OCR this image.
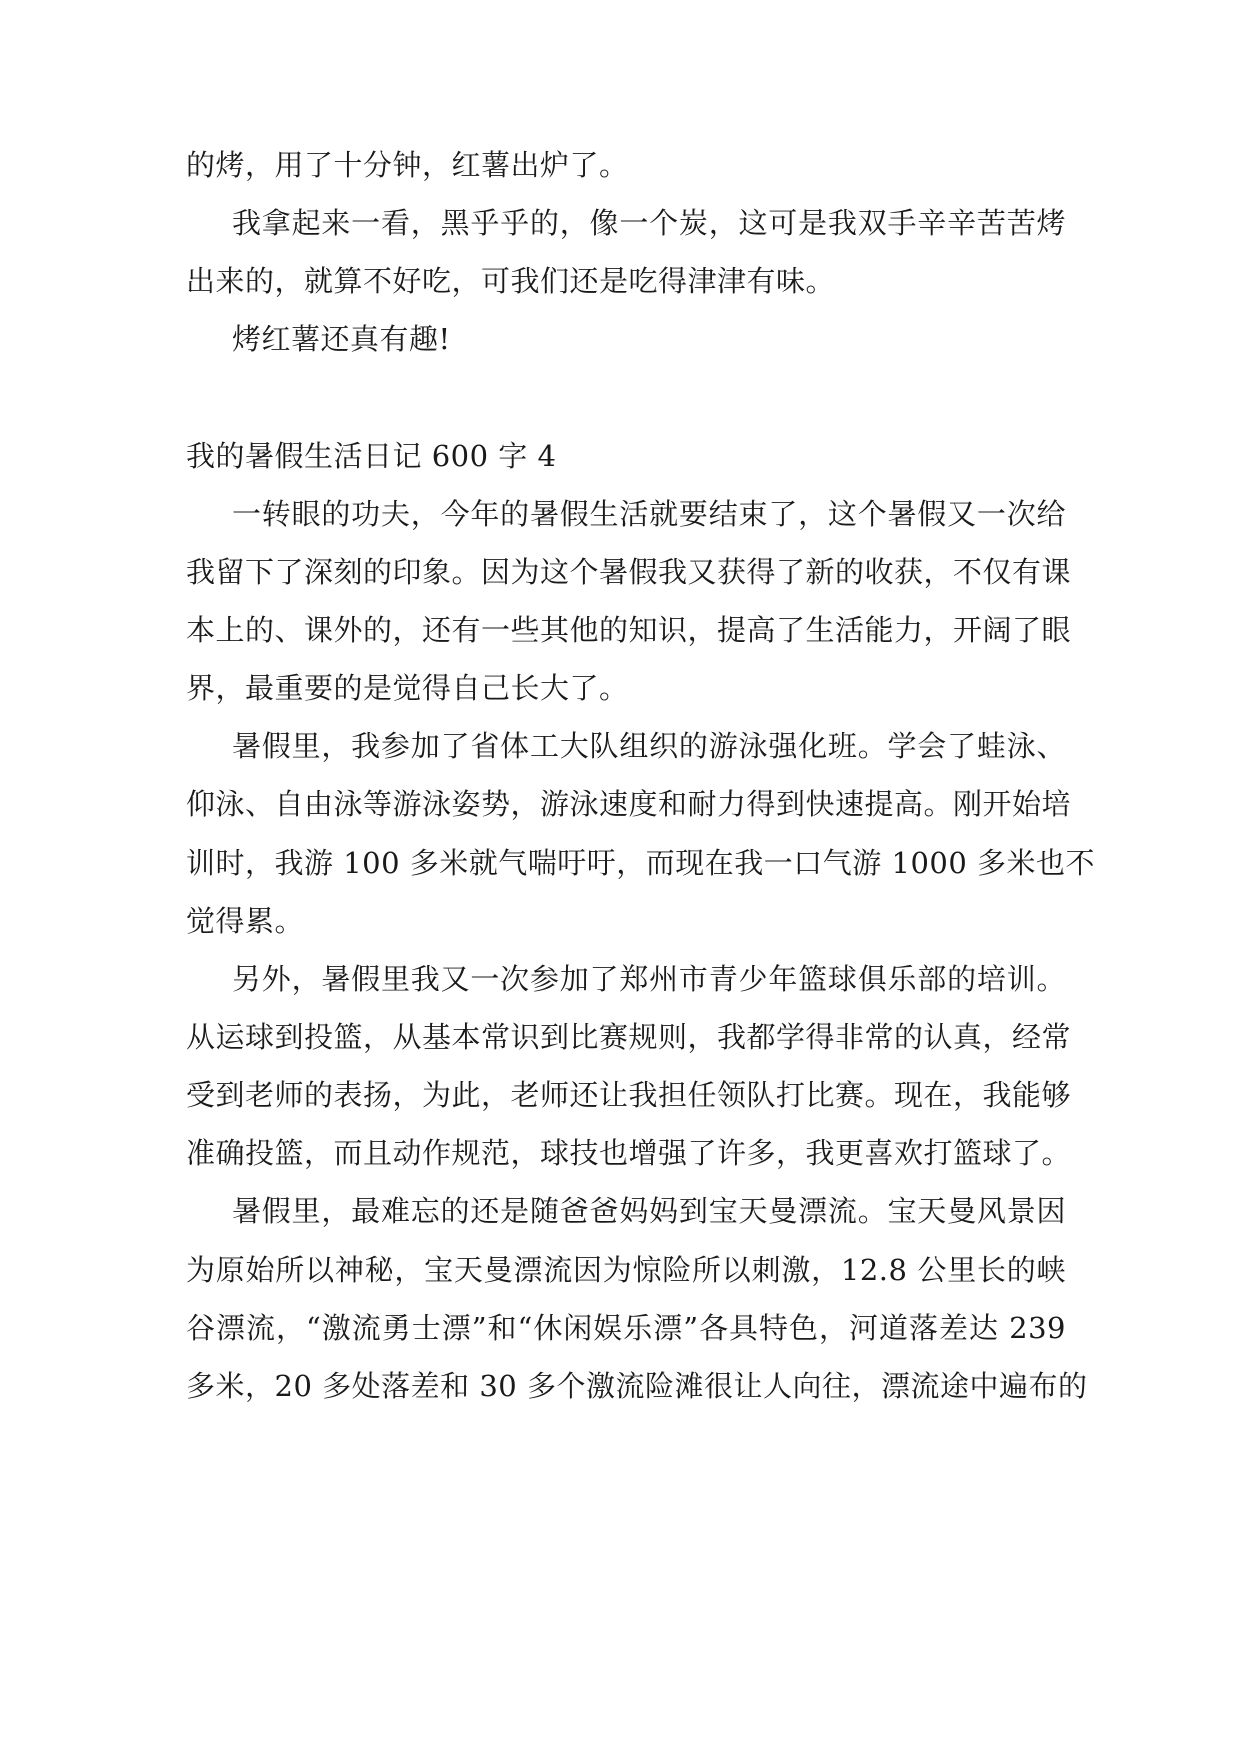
的烤，用了十分钟，红薯出炉了。
我拿起来一看，黑乎乎的，像一个炭，这可是我双手辛辛苦苦烤
出来的，就算不好吃，可我们还是吃得津津有味。
烤红薯还真有趣!
我的暑假生活日记 600 字 4
一转眼的功夫，今年的暑假生活就要结束了，这个暑假又一次给
我留下了深刻的印象。因为这个暑假我又获得了新的收获，不仅有课
本上的、课外的，还有一些其他的知识，提高了生活能力，开阔了眼
界，最重要的是觉得自己长大了。
暑假里，我参加了省体工大队组织的游泳强化班。学会了蛙泳、
仰泳、自由泳等游泳姿势，游泳速度和耐力得到快速提高。刚开始培
训时，我游 100 多米就气喘吁吁，而现在我一口气游 1000 多米也不
觉得累。
另外，暑假里我又一次参加了郑州市青少年篮球俱乐部的培训。
从运球到投篮，从基本常识到比赛规则，我都学得非常的认真，经常
受到老师的表扬，为此，老师还让我担任领队打比赛。现在，我能够
准确投篮，而且动作规范，球技也增强了许多，我更喜欢打篮球了。
暑假里，最难忘的还是随爸爸妈妈到宝天曼漂流。宝天曼风景因
为原始所以神秘，宝天曼漂流因为惊险所以刺激，12.8 公里长的峡
谷漂流，“激流勇士漂”和“休闲娱乐漂”各具特色，河道落差达 239
多米，20 多处落差和 30 多个激流险滩很让人向往，漂流途中遍布的
